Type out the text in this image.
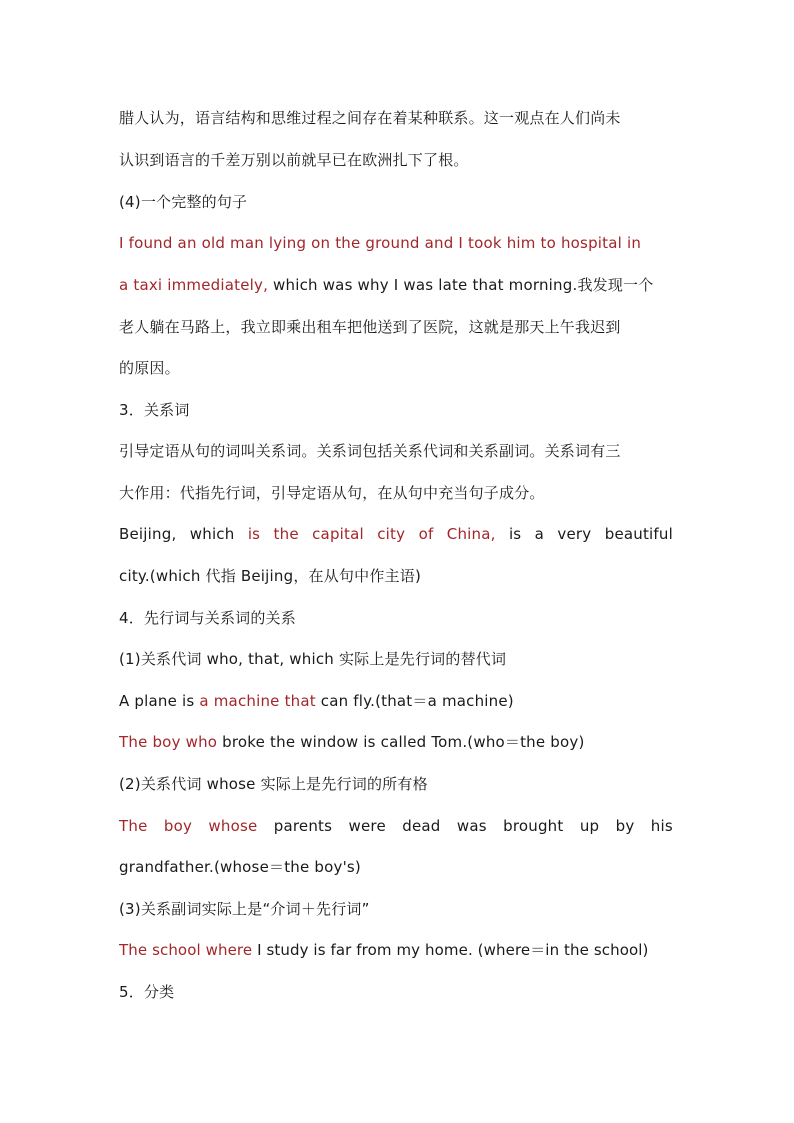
腊人认为，语言结构和思维过程之间存在着某种联系。这一观点在人们尚未
认识到语言的千差万别以前就早已在欧洲扎下了根。
(4)一个完整的句子
I found an old man lying on the ground and I took him to hospital in
a taxi immediately, which was why I was late that morning.我发现一个
老人躺在马路上，我立即乘出租车把他送到了医院，这就是那天上午我迟到
的原因。
3．关系词
引导定语从句的词叫关系词。关系词包括关系代词和关系副词。关系词有三
大作用：代指先行词，引导定语从句，在从句中充当句子成分。
Beijing, which is the capital city of China, is a very beautiful
city.(which 代指 Beijing，在从句中作主语)
4．先行词与关系词的关系
(1)关系代词 who, that, which 实际上是先行词的替代词
A plane is a machine that can fly.(that＝a machine)
The boy who broke the window is called Tom.(who＝the boy)
(2)关系代词 whose 实际上是先行词的所有格
The boy whose parents were dead was brought up by his
grandfather.(whose＝the boy's)
(3)关系副词实际上是“介词＋先行词”
The school where I study is far from my home. (where＝in the school)
5．分类
